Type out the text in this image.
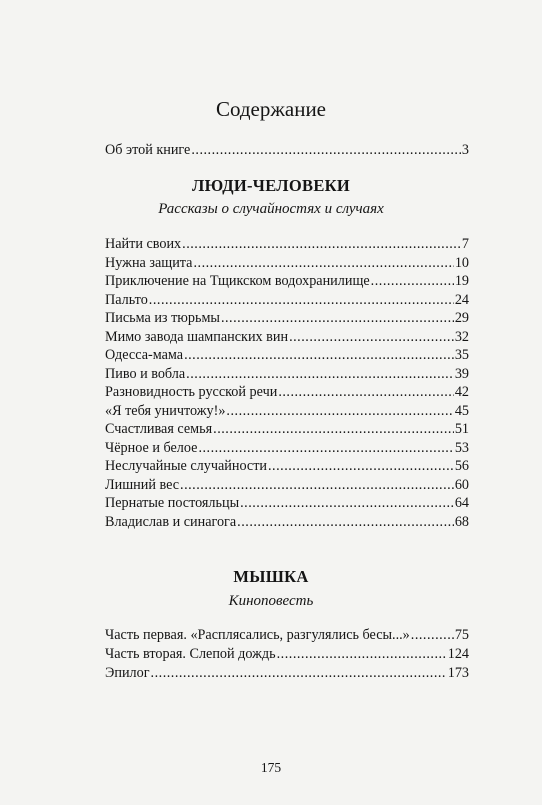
Содержание
Об этой книге .....	3
ЛЮДИ-ЧЕЛОВЕКИ
Рассказы о случайностях и случаях
Найти своих .....	7
Нужна защита .....	10
Приключение на Тщикском водохранилище .....	19
Пальто .....	24
Письма из тюрьмы .....	29
Мимо завода шампанских вин .....	32
Одесса-мама .....	35
Пиво и вобла .....	39
Разновидность русской речи .....	42
«Я тебя уничтожу!» .....	45
Счастливая семья .....	51
Чёрное и белое .....	53
Неслучайные случайности .....	56
Лишний вес .....	60
Пернатые постояльцы .....	64
Владислав и синагога .....	68
МЫШКА
Киноповесть
Часть первая. «Расплясались, разгулялись бесы...» .....	75
Часть вторая. Слепой дождь .....	124
Эпилог .....	173
175
